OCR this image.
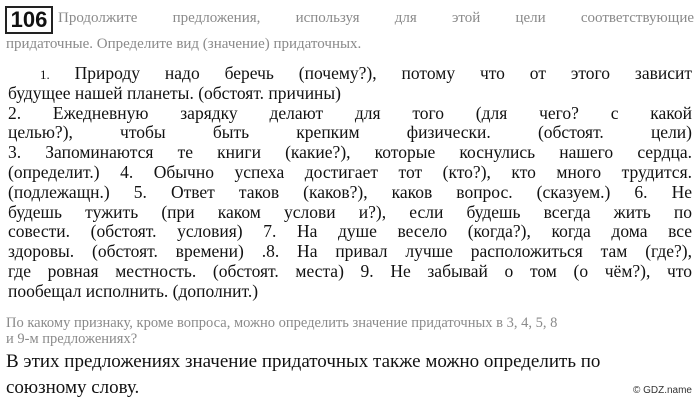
106 Продолжите предложения, используя для этой цели соответствующие
придаточные. Определите вид (значение) придаточных.
1. Природу надо беречь (почему?), потому что от этого зависит
будущее нашей планеты. (обстоят. причины)
2. Ежедневную зарядку делают для того (для чего? с какой
целью?), чтобы быть крепким физически. (обстоят. цели)
3. Запоминаются те книги (какие?), которые коснулись нашего сердца.
(определит.) 4. Обычно успеха достигает тот (кто?), кто много трудится.
(подлежащн.) 5. Ответ таков (каков?), каков вопрос. (сказуем.) 6. Не
будешь тужить (при каком услови и?), если будешь всегда жить по
совести. (обстоят. условия) 7. На душе весело (когда?), когда дома все
здоровы. (обстоят. времени) .8. На привал лучше расположиться там (где?),
где ровная местность. (обстоят. места) 9. Не забывай о том (о чём?), что
пообещал исполнить. (дополнит.)
По какому признаку, кроме вопроса, можно определить значение придаточных в 3, 4, 5, 8
и 9-м предложениях?
В этих предложениях значение придаточных также можно определить по
союзному слову.	© GDZ.name
